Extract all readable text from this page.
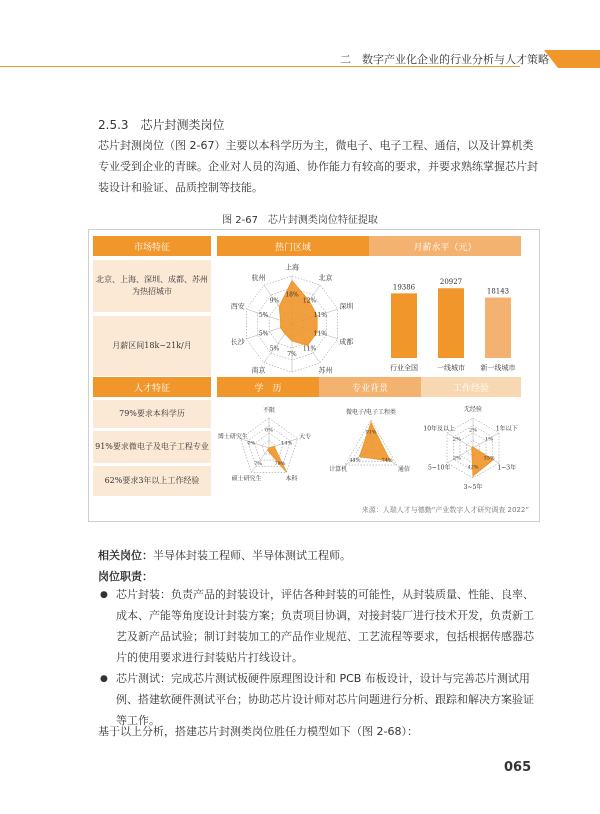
二　数字产业化企业的行业分析与人才策略
2.5.3　芯片封测类岗位
芯片封测岗位（图 2-67）主要以本科学历为主，微电子、电子工程、通信，以及计算机类专业受到企业的青睐。企业对人员的沟通、协作能力有较高的要求，并要求熟练掌握芯片封装设计和验证、品质控制等技能。
图 2-67　芯片封测类岗位特征提取
市场特征	热门区域	月薪水平（元）
北京、上海、深圳、成都、苏州为热招城市
月薪区间18k~21k/月
上海
18%
北京
12%
深圳
11%
成都
11%
苏州
11%
7%
南京
5%
长沙
5%
西安
5%
杭州
9%
19386
行业全国
20927
一线城市
18143
新一线城市
人才特征	学　历	专业背景	工作经验
79%要求本科学历
91%要求微电子及电子工程专业
62%要求3年以上工作经验
不限
0%
大专
14%
本科
79%
硕士研究生
7%
博士研究生
0%
微电子/电子工程类
91%
通信
74%
计算机
44%
无经验
2%	1年以下
1%
1~3年
35%
3~5年
42%
5~10年
2%
10年及以上
2%
来源：人瑞人才与德勤“产业数字人才研究调查 2022”
相关岗位：半导体封装工程师、半导体测试工程师。
岗位职责：
● 芯片封装：负责产品的封装设计，评估各种封装的可能性，从封装质量、性能、良率、成本、产能等角度设计封装方案；负责项目协调，对接封装厂进行技术开发，负责新工艺及新产品试验；制订封装加工的产品作业规范、工艺流程等要求，包括根据传感器芯片的使用要求进行封装贴片打线设计。
● 芯片测试：完成芯片测试板硬件原理图设计和 PCB 布板设计，设计与完善芯片测试用例、搭建软硬件测试平台；协助芯片设计师对芯片问题进行分析、跟踪和解决方案验证等工作。
基于以上分析，搭建芯片封测类岗位胜任力模型如下（图 2-68）：
065
